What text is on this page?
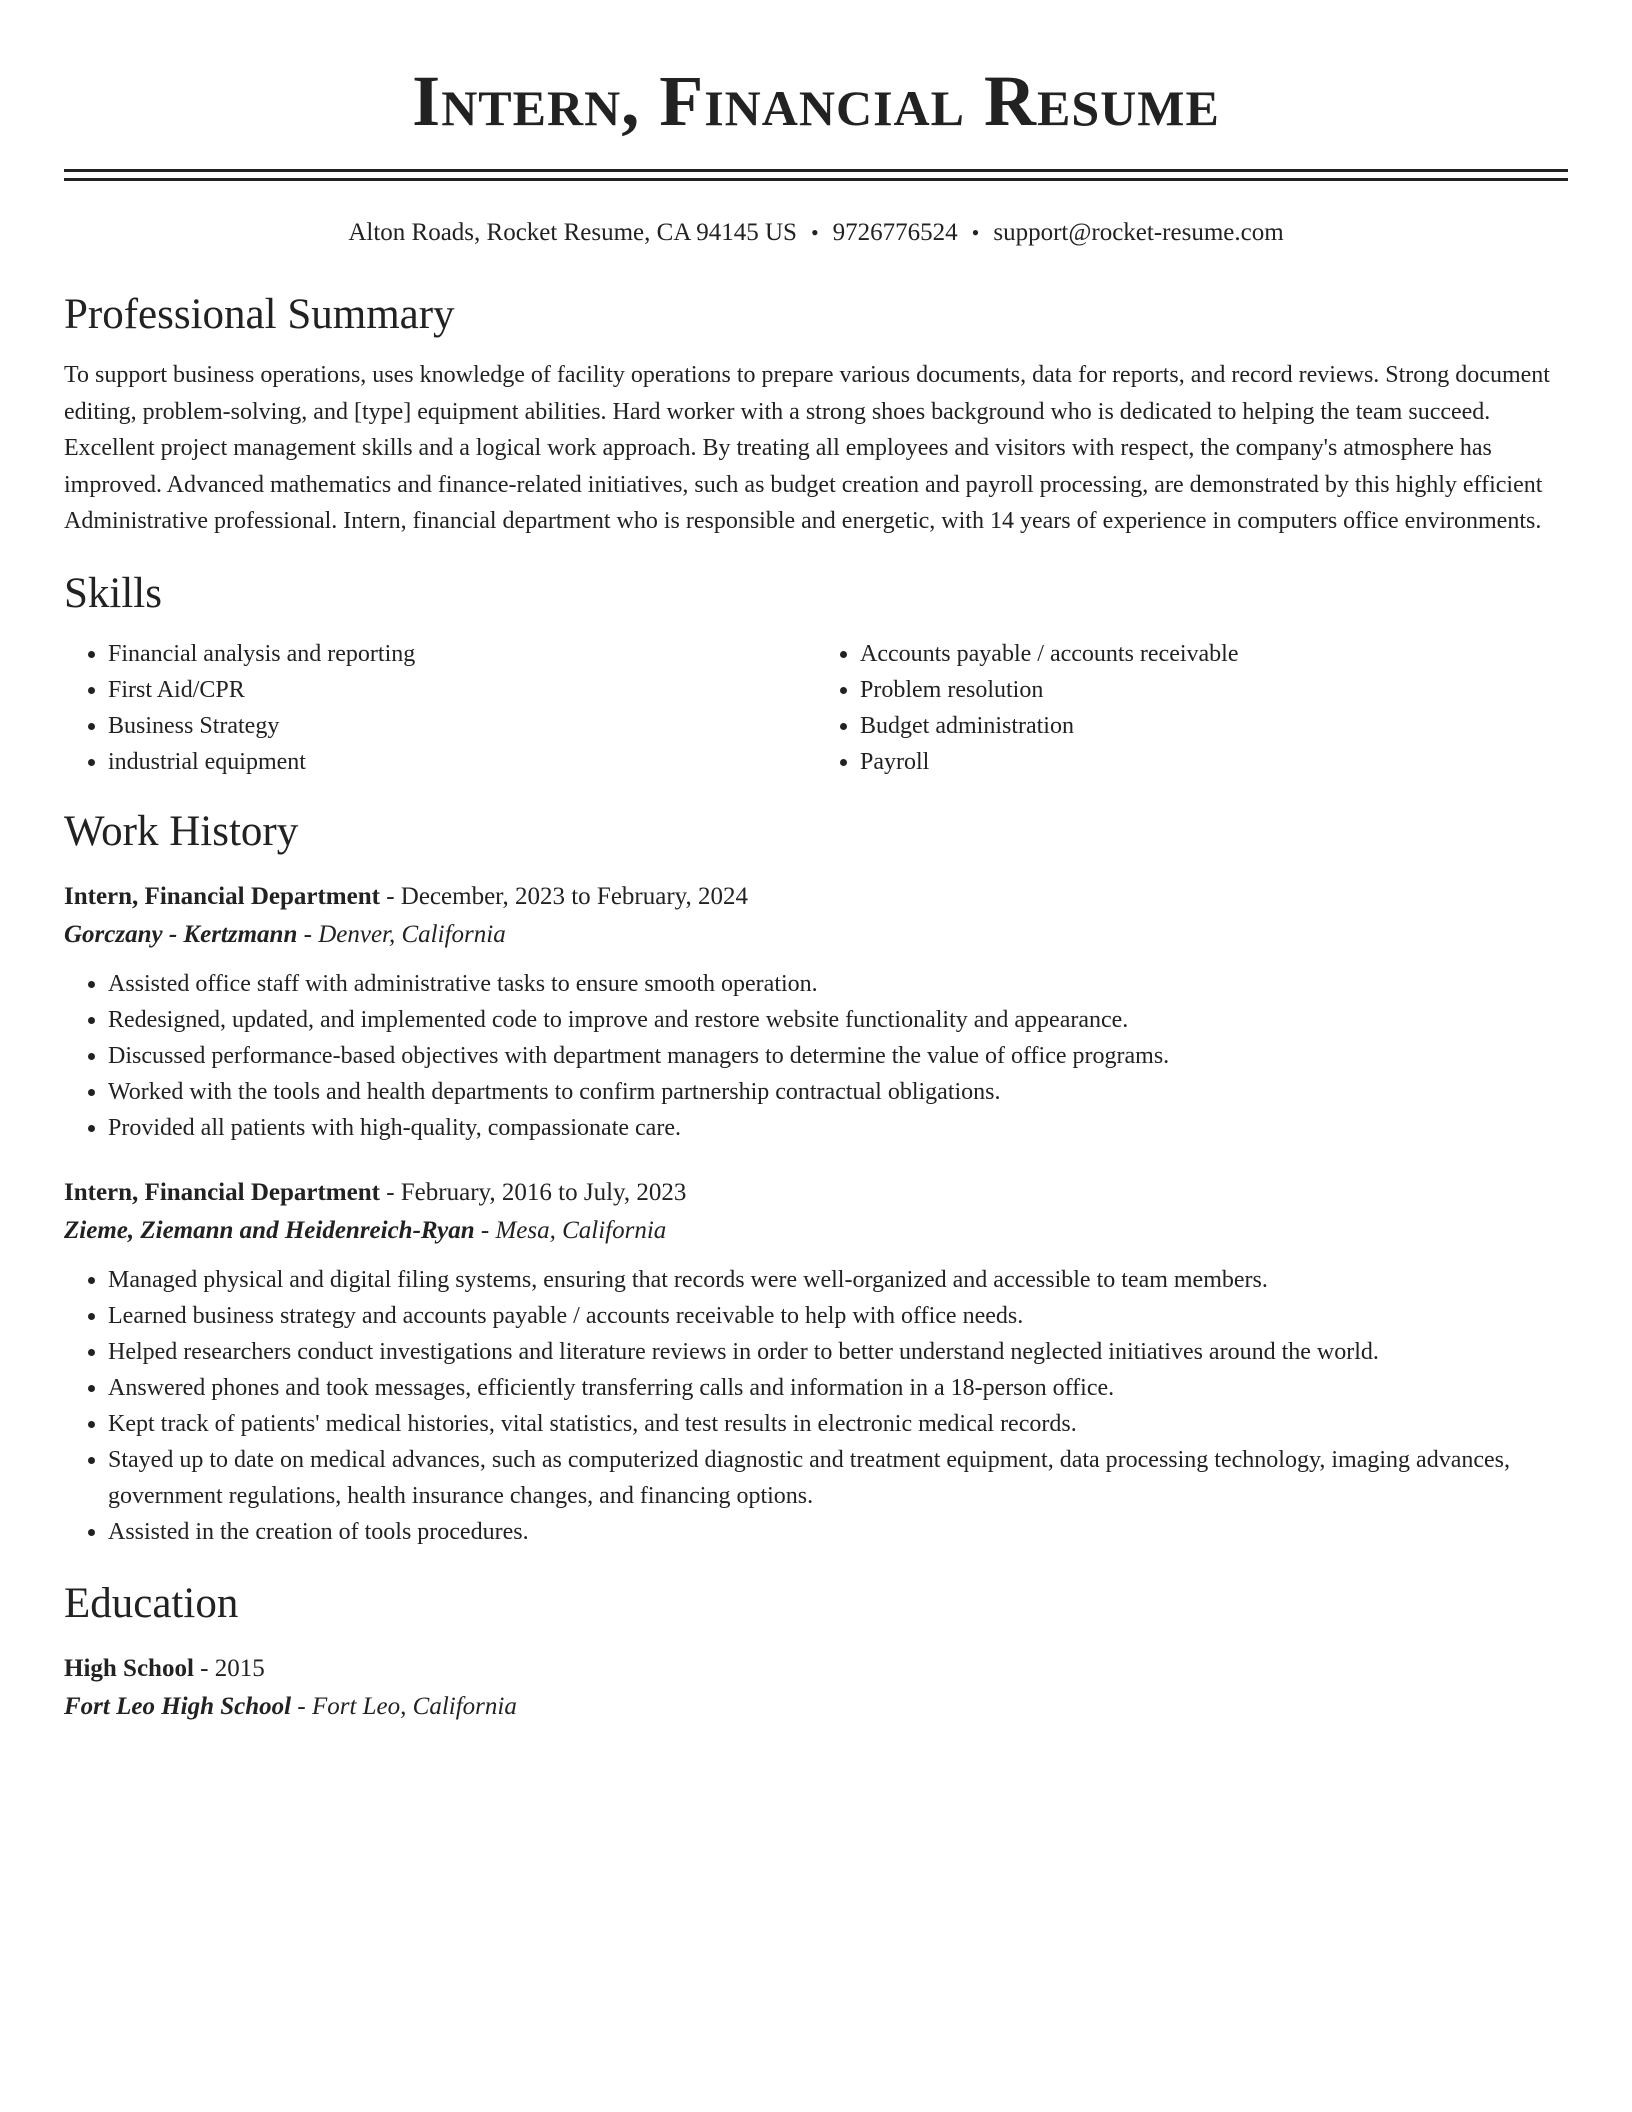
Intern, Financial Resume
Alton Roads, Rocket Resume, CA 94145 US • 9726776524 • support@rocket-resume.com
Professional Summary

To support business operations, uses knowledge of facility operations to prepare various documents, data for reports, and record reviews. Strong document editing, problem-solving, and [type] equipment abilities. Hard worker with a strong shoes background who is dedicated to helping the team succeed. Excellent project management skills and a logical work approach. By treating all employees and visitors with respect, the company's atmosphere has improved. Advanced mathematics and finance-related initiatives, such as budget creation and payroll processing, are demonstrated by this highly efficient Administrative professional. Intern, financial department who is responsible and energetic, with 14 years of experience in computers office environments.

Skills
• Financial analysis and reporting
• First Aid/CPR
• Business Strategy
• industrial equipment
• Accounts payable / accounts receivable
• Problem resolution
• Budget administration
• Payroll
Work History
Intern, Financial Department - December, 2023 to February, 2024
Gorczany - Kertzmann - Denver, California
• Assisted office staff with administrative tasks to ensure smooth operation.
• Redesigned, updated, and implemented code to improve and restore website functionality and appearance.
• Discussed performance-based objectives with department managers to determine the value of office programs.
• Worked with the tools and health departments to confirm partnership contractual obligations.
• Provided all patients with high-quality, compassionate care.
Intern, Financial Department - February, 2016 to July, 2023
Zieme, Ziemann and Heidenreich-Ryan - Mesa, California
• Managed physical and digital filing systems, ensuring that records were well-organized and accessible to team members.
• Learned business strategy and accounts payable / accounts receivable to help with office needs.
• Helped researchers conduct investigations and literature reviews in order to better understand neglected initiatives around the world.
• Answered phones and took messages, efficiently transferring calls and information in a 18-person office.
• Kept track of patients' medical histories, vital statistics, and test results in electronic medical records.
• Stayed up to date on medical advances, such as computerized diagnostic and treatment equipment, data processing technology, imaging advances, government regulations, health insurance changes, and financing options.
• Assisted in the creation of tools procedures.
Education
High School - 2015
Fort Leo High School - Fort Leo, California
